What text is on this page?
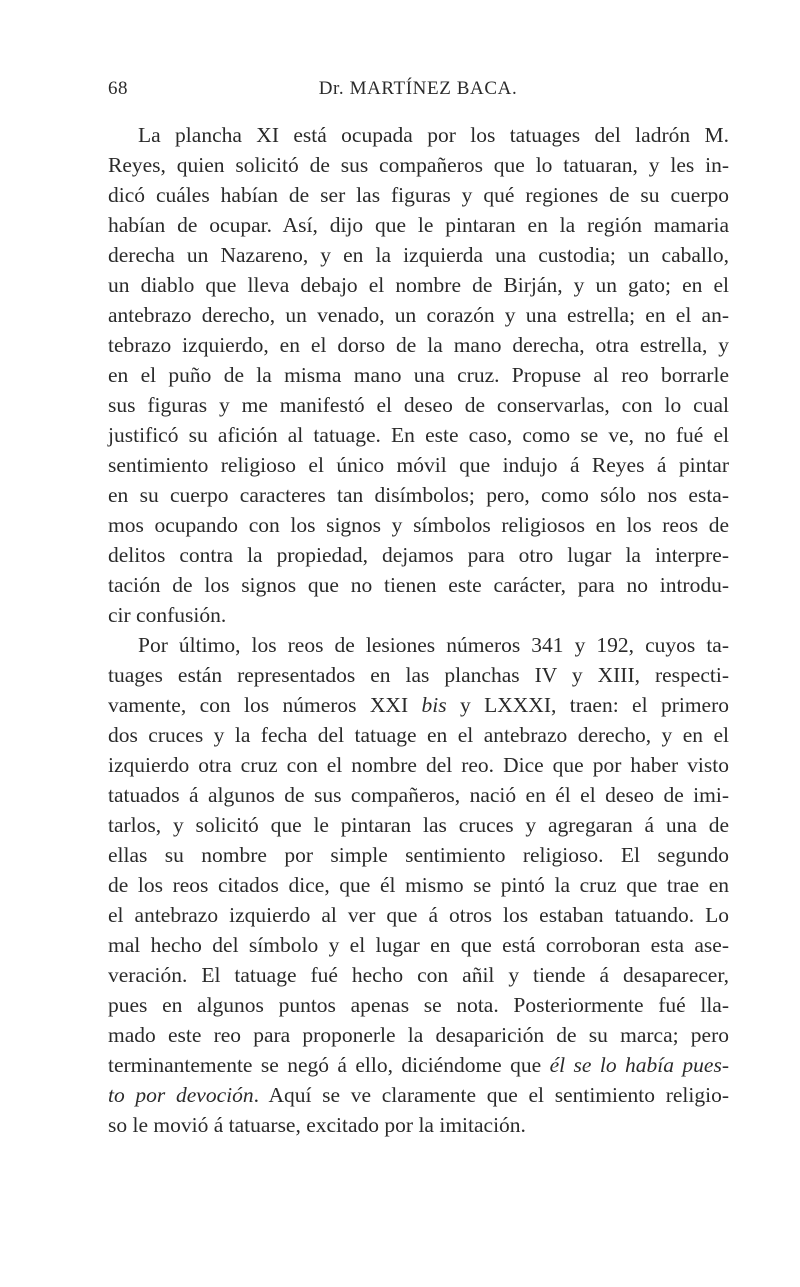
68	Dr. MARTÍNEZ BACA.
La plancha XI está ocupada por los tatuages del ladrón M.
Reyes, quien solicitó de sus compañeros que lo tatuaran, y les in-
dicó cuáles habían de ser las figuras y qué regiones de su cuerpo
habían de ocupar. Así, dijo que le pintaran en la región mamaria
derecha un Nazareno, y en la izquierda una custodia; un caballo,
un diablo que lleva debajo el nombre de Birján, y un gato; en el
antebrazo derecho, un venado, un corazón y una estrella; en el an-
tebrazo izquierdo, en el dorso de la mano derecha, otra estrella, y
en el puño de la misma mano una cruz. Propuse al reo borrarle
sus figuras y me manifestó el deseo de conservarlas, con lo cual
justificó su afición al tatuage. En este caso, como se ve, no fué el
sentimiento religioso el único móvil que indujo á Reyes á pintar
en su cuerpo caracteres tan disímbolos; pero, como sólo nos esta-
mos ocupando con los signos y símbolos religiosos en los reos de
delitos contra la propiedad, dejamos para otro lugar la interpre-
tación de los signos que no tienen este carácter, para no introdu-
cir confusión.
Por último, los reos de lesiones números 341 y 192, cuyos ta-
tuages están representados en las planchas IV y XIII, respecti-
vamente, con los números XXI bis y LXXXI, traen: el primero
dos cruces y la fecha del tatuage en el antebrazo derecho, y en el
izquierdo otra cruz con el nombre del reo. Dice que por haber visto
tatuados á algunos de sus compañeros, nació en él el deseo de imi-
tarlos, y solicitó que le pintaran las cruces y agregaran á una de
ellas su nombre por simple sentimiento religioso. El segundo
de los reos citados dice, que él mismo se pintó la cruz que trae en
el antebrazo izquierdo al ver que á otros los estaban tatuando. Lo
mal hecho del símbolo y el lugar en que está corroboran esta ase-
veración. El tatuage fué hecho con añil y tiende á desaparecer,
pues en algunos puntos apenas se nota. Posteriormente fué lla-
mado este reo para proponerle la desaparición de su marca; pero
terminantemente se negó á ello, diciéndome que él se lo había pues-
to por devoción. Aquí se ve claramente que el sentimiento religio-
so le movió á tatuarse, excitado por la imitación.
